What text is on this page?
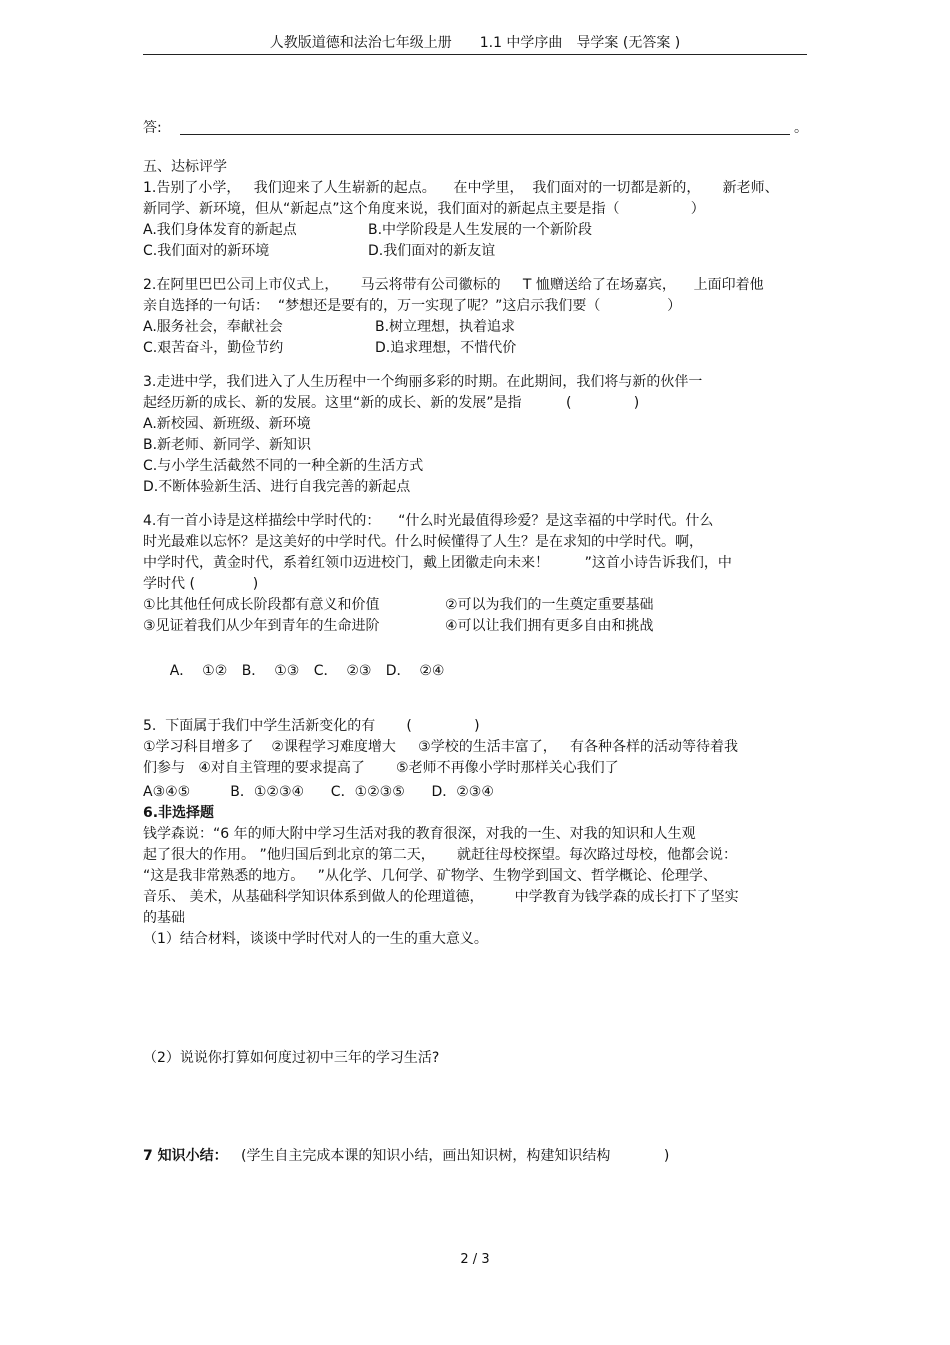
人教版道德和法治七年级上册　　1.1 中学序曲　导学案 (无答案 )
答:	。

五、达标评学

1.告别了小学，   我们迎来了人生崭新的起点。    在中学里，  我们面对的一切都是新的，     新老师、

新同学、新环境，但从“新起点”这个角度来说，我们面对的新起点主要是指（                ）

A.我们身体发育的新起点	B.中学阶段是人生发展的一个新阶段
C.我们面对的新环境	D.我们面对的新友谊

2.在阿里巴巴公司上市仪式上，     马云将带有公司徽标的     T 恤赠送给了在场嘉宾，    上面印着他

亲自选择的一句话：  “梦想还是要有的，万一实现了呢？”这启示我们要（               ）

A.服务社会，奉献社会	B.树立理想，执着追求
C.艰苦奋斗，勤俭节约	D.追求理想，不惜代价

3.走进中学，我们进入了人生历程中一个绚丽多彩的时期。在此期间，我们将与新的伙伴一

起经历新的成长、新的发展。这里“新的成长、新的发展”是指          (              )

A.新校园、新班级、新环境

B.新老师、新同学、新知识

C.与小学生活截然不同的一种全新的生活方式

D.不断体验新生活、进行自我完善的新起点

4.有一首小诗是这样描绘中学时代的：    “什么时光最值得珍爱？是这幸福的中学时代。什么

时光最难以忘怀？是这美好的中学时代。什么时候懂得了人生？是在求知的中学时代。啊，

中学时代，黄金时代，系着红领巾迈进校门，戴上团徽走向未来！        ”这首小诗告诉我们，中

学时代 (             )

①比其他任何成长阶段都有意义和价值	②可以为我们的一生奠定重要基础
③见证着我们从少年到青年的生命进阶	④可以让我们拥有更多自由和挑战

A．  ①② B．  ①③ C．  ②③ D．  ②④

5.  下面属于我们中学生活新变化的有       (              )

①学习科目增多了    ②课程学习难度增大     ③学校的生活丰富了，   有各种各样的活动等待着我

们参与   ④对自主管理的要求提高了       ⑤老师不再像小学时那样关心我们了

A③④⑤         B．①②③④      C．①②③⑤      D．②③④

6.非选择题

钱学森说：“6 年的师大附中学习生活对我的教育很深，对我的一生、对我的知识和人生观

起了很大的作用。 ”他归国后到北京的第二天，     就赶往母校探望。每次路过母校，他都会说：

“这是我非常熟悉的地方。   ”从化学、几何学、矿物学、生物学到国文、哲学概论、伦理学、

音乐、 美术，从基础科学知识体系到做人的伦理道德，       中学教育为钱学森的成长打下了坚实

的基础

（1）结合材料，谈谈中学时代对人的一生的重大意义。

（2）说说你打算如何度过初中三年的学习生活?

7 知识小结：   (学生自主完成本课的知识小结，画出知识树，构建知识结构            )

2 / 3
